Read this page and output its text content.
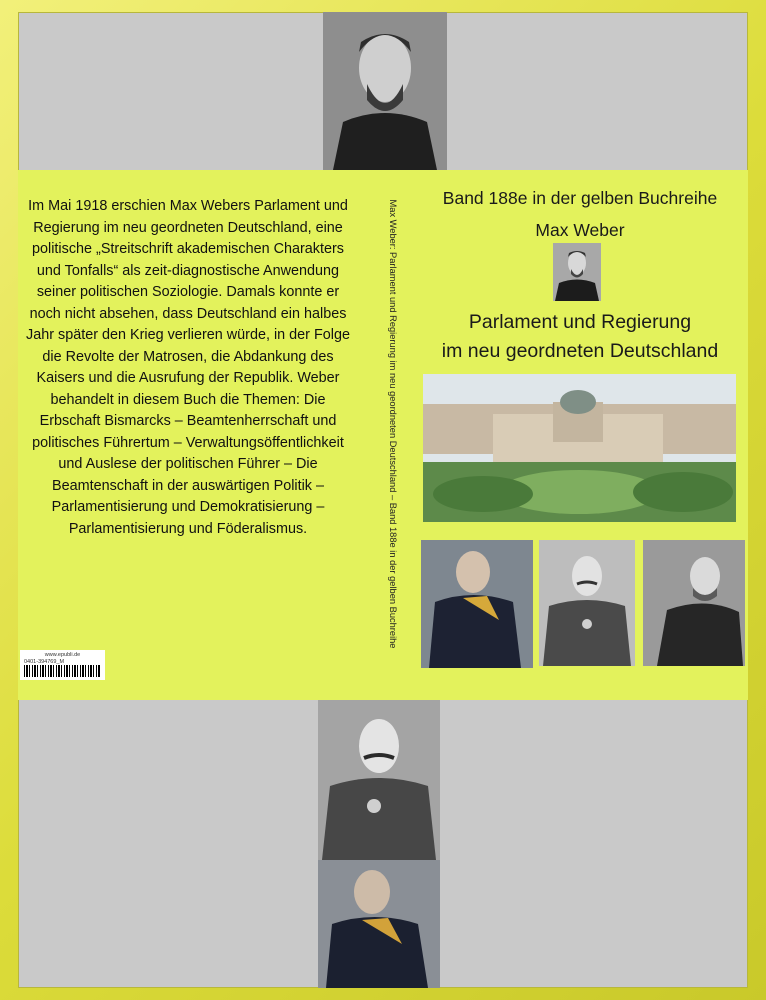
Im Mai 1918 erschien Max Webers Parlament und Regierung im neu geordneten Deutschland, eine politische „Streitschrift akademischen Charakters und Tonfalls“ als zeit-diagnostische Anwendung seiner politischen Soziologie. Damals konnte er noch nicht absehen, dass Deutschland ein halbes Jahr später den Krieg verlieren würde, in der Folge die Revolte der Matrosen, die Abdankung des Kaisers und die Ausrufung der Republik. Weber behandelt in diesem Buch die Themen: Die Erbschaft Bismarcks – Beamtenherrschaft und politisches Führertum – Verwaltungsöffentlichkeit und Auslese der politischen Führer – Die Beamtenschaft in der auswärtigen Politik – Parlamentisierung und Demokratisierung – Parlamentisierung und Föderalismus.
www.epubli.de
0401-394769_M
Max Weber: Parlament und Regierung im neu geordneten Deutschland – Band 188e in der gelben Buchreihe
Band 188e in der gelben Buchreihe
Max Weber
Parlament und Regierung
im neu geordneten Deutschland
